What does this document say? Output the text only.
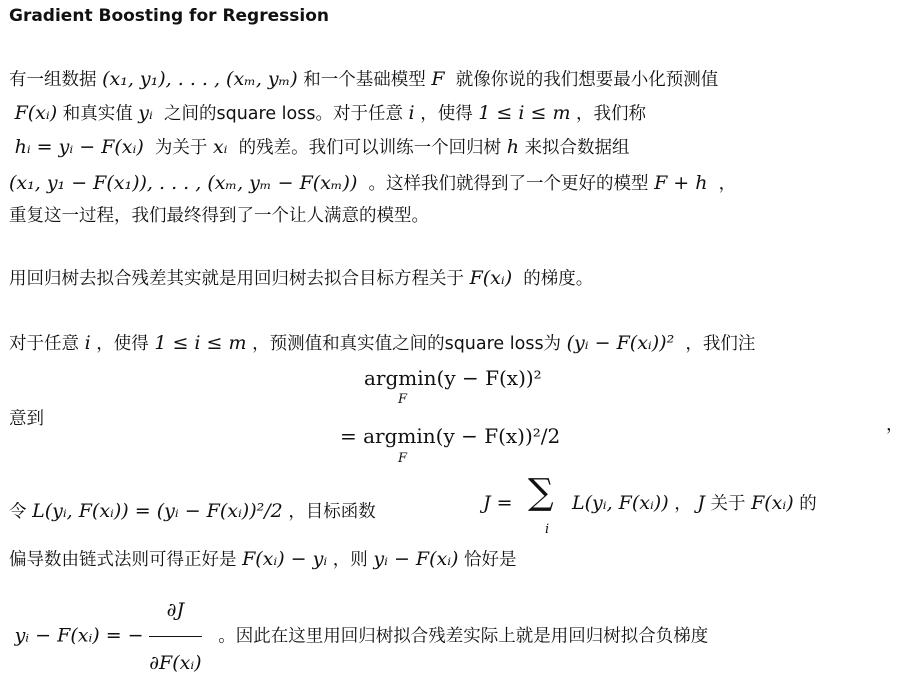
Gradient Boosting for Regression
有一组数据 (x₁, y₁), . . . , (xₘ, yₘ) 和一个基础模型 F 就像你说的我们想要最小化预测值
F(xᵢ) 和真实值 yᵢ 之间的square loss。对于任意 i ，使得 1 ≤ i ≤ m ，我们称
hᵢ = yᵢ − F(xᵢ) 为关于 xᵢ 的残差。我们可以训练一个回归树 h 来拟合数据组
(x₁, y₁ − F(x₁)), . . . , (xₘ, yₘ − F(xₘ)) 。这样我们就得到了一个更好的模型 F + h ，
重复这一过程，我们最终得到了一个让人满意的模型。
用回归树去拟合残差其实就是用回归树去拟合目标方程关于 F(xᵢ) 的梯度。
对于任意 i ，使得 1 ≤ i ≤ m ，预测值和真实值之间的square loss为 (yᵢ − F(xᵢ))² ，我们注
意到
argmin(y − F(x))²
F
= argmin(y − F(x))²/2
F
，
令 L(yᵢ, F(xᵢ)) = (yᵢ − F(xᵢ))²/2 ，目标函数	J = ∑
i
L(yᵢ, F(xᵢ)) ， J 关于 F(xᵢ) 的
偏导数由链式法则可得正好是 F(xᵢ) − yᵢ ，则 yᵢ − F(xᵢ) 恰好是
yᵢ − F(xᵢ) = − $\frac{\partial J}{\text{∂F(xᵢ)}}$ 。因此在这里用回归树拟合残差实际上就是用回归树拟合负梯度
